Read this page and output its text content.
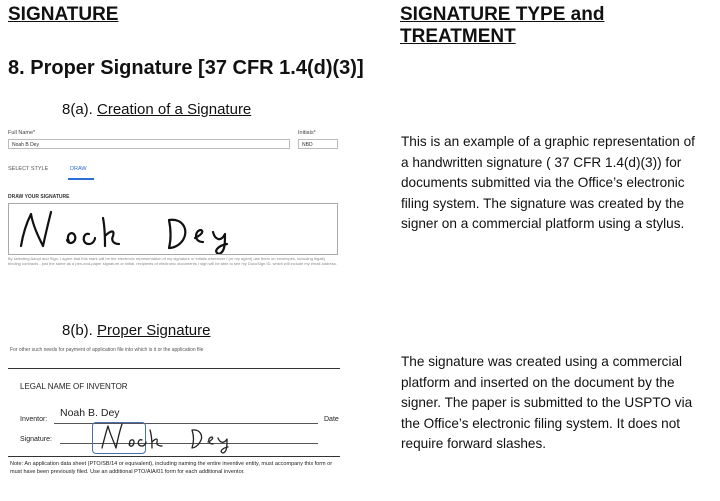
SIGNATURE	SIGNATURE TYPE and TREATMENT
8. Proper Signature [37 CFR 1.4(d)(3)]
8(a). Creation of a Signature
Full Name*
Noah B Dey
Initials*
NBD
SELECT STYLE	DRAW
DRAW YOUR SIGNATURE
By selecting Adopt and Sign, I agree that this mark will be the electronic representation of my signature or initials whenever I (or my agent) use them on envelopes, including legally binding contracts - just the same as a pen-and-paper signature or initial. recipients of electronic documents I sign will be able to see my DocuSign ID, which will include my email address.
This is an example of a graphic representation of a handwritten signature ( 37 CFR 1.4(d)(3)) for documents submitted via the Office’s electronic filing system. The signature was created by the signer on a commercial platform using a stylus.
8(b). Proper Signature
For other such needs for payment of application file into which is it or the application file
LEGAL NAME OF INVENTOR
Inventor:
Noah B. Dey
Date
Signature:
Note: An application data sheet (PTO/SB/14 or equivalent), including naming the entire inventive entity, must accompany this form or must have been previously filed. Use an additional PTO/AIA/01 form for each additional inventor.
The signature was created using a commercial platform and inserted on the document by the signer. The paper is submitted to the USPTO via the Office’s electronic filing system. It does not require forward slashes.
